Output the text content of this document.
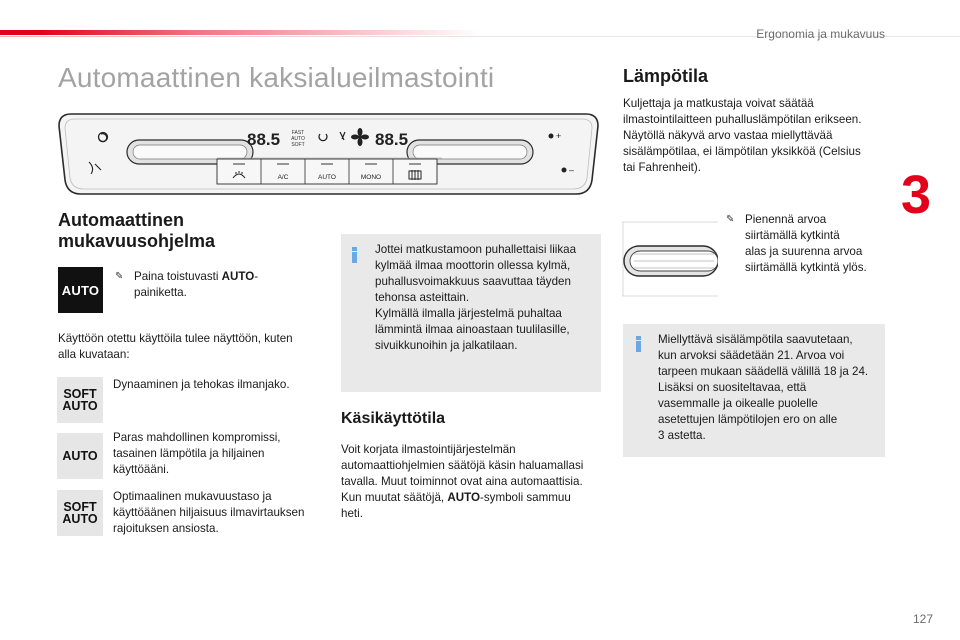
Ergonomia ja mukavuus
3
127
Automaattinen kaksialueilmastointi
88.5	88.5
FAST
AUTO
SOFT
+
–
A/C	AUTO	MONO
Automaattinen
mukavuusohjelma
AUTO
✎ Paina toistuvasti AUTO-
painiketta.
Käyttöön otettu käyttöila tulee näyttöön, kuten
alla kuvataan:
SOFT
AUTO
Dynaaminen ja tehokas ilmanjako.
AUTO
Paras mahdollinen kompromissi,
tasainen lämpötila ja hiljainen
käyttöääni.
SOFT
AUTO
Optimaalinen mukavuustaso ja
käyttöäänen hiljaisuus ilmavirtauksen
rajoituksen ansiosta.
Jottei matkustamoon puhallettaisi liikaa
kylmää ilmaa moottorin ollessa kylmä,
puhallusvoimakkuus saavuttaa täyden
tehonsa asteittain.
Kylmällä ilmalla järjestelmä puhaltaa
lämmintä ilmaa ainoastaan tuulilasille,
sivuikkunoihin ja jalkatilaan.
Käsikäyttötila
Voit korjata ilmastointijärjestelmän
automaattiohjelmien säätöjä käsin haluamallasi
tavalla. Muut toiminnot ovat aina automaattisia.
Kun muutat säätöjä, AUTO-symboli sammuu
heti.
Lämpötila
Kuljettaja ja matkustaja voivat säätää
ilmastointilaitteen puhalluslämpötilan erikseen.
Näytöllä näkyvä arvo vastaa miellyttävää
sisälämpötilaa, ei lämpötilan yksikköä (Celsius
tai Fahrenheit).
✎ Pienennä arvoa
siirtämällä kytkintä
alas ja suurenna arvoa
siirtämällä kytkintä ylös.
Miellyttävä sisälämpötila saavutetaan,
kun arvoksi säädetään 21. Arvoa voi
tarpeen mukaan säädellä välillä 18 ja 24.
Lisäksi on suositeltavaa, että
vasemmalle ja oikealle puolelle
asetettujen lämpötilojen ero on alle
3 astetta.
